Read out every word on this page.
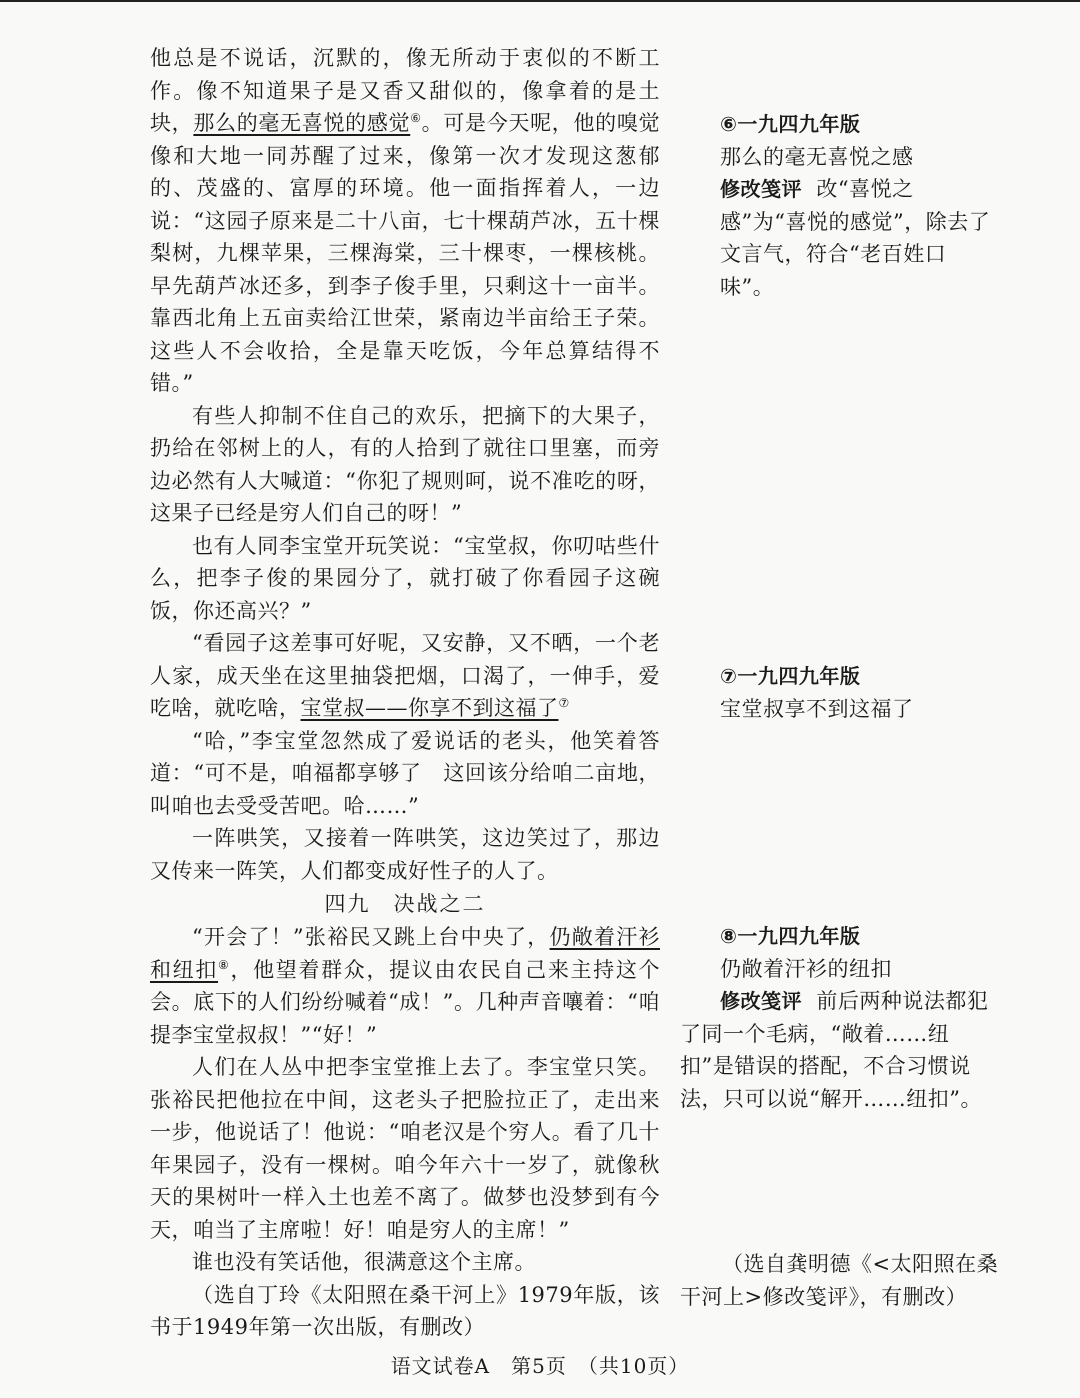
他总是不说话，沉默的，像无所动于衷似的不断工作。像不知道果子是又香又甜似的，像拿着的是土块，那么的毫无喜悦的感觉⑥。可是今天呢，他的嗅觉像和大地一同苏醒了过来，像第一次才发现这葱郁的、茂盛的、富厚的环境。他一面指挥着人，一边说：“这园子原来是二十八亩，七十棵葫芦冰，五十棵梨树，九棵苹果，三棵海棠，三十棵枣，一棵核桃。早先葫芦冰还多，到李子俊手里，只剩这十一亩半。靠西北角上五亩卖给江世荣，紧南边半亩给王子荣。这些人不会收拾，全是靠天吃饭，今年总算结得不错。”

有些人抑制不住自己的欢乐，把摘下的大果子，扔给在邻树上的人，有的人拾到了就往口里塞，而旁边必然有人大喊道：“你犯了规则呵，说不准吃的呀，这果子已经是穷人们自己的呀！”

也有人同李宝堂开玩笑说：“宝堂叔，你叨咕些什么，把李子俊的果园分了，就打破了你看园子这碗饭，你还高兴？”

“看园子这差事可好呢，又安静，又不晒，一个老人家，成天坐在这里抽袋把烟，口渴了，一伸手，爱吃啥，就吃啥，宝堂叔——你享不到这福了⑦

“哈，”李宝堂忽然成了爱说话的老头，他笑着答道：“可不是，咱福都享够了　这回该分给咱二亩地，叫咱也去受受苦吧。哈……”

一阵哄笑，又接着一阵哄笑，这边笑过了，那边又传来一阵笑，人们都变成好性子的人了。

四九　决战之二

“开会了！”张裕民又跳上台中央了，仍敞着汗衫和纽扣⑧，他望着群众，提议由农民自己来主持这个会。底下的人们纷纷喊着“成！”。几种声音嚷着：“咱提李宝堂叔叔！”“好！”

人们在人丛中把李宝堂推上去了。李宝堂只笑。张裕民把他拉在中间，这老头子把脸拉正了，走出来一步，他说话了！他说：“咱老汉是个穷人。看了几十年果园子，没有一棵树。咱今年六十一岁了，就像秋天的果树叶一样入土也差不离了。做梦也没梦到有今天，咱当了主席啦！好！咱是穷人的主席！”

谁也没有笑话他，很满意这个主席。

（选自丁玲《太阳照在桑干河上》1979年版，该书于1949年第一次出版，有删改）

⑥一九四九年版

那么的毫无喜悦之感

修改笺评 改“喜悦之感”为“喜悦的感觉”，除去了文言气，符合“老百姓口味”。

⑦一九四九年版

宝堂叔享不到这福了

⑧一九四九年版

仍敞着汗衫的纽扣

修改笺评 前后两种说法都犯了同一个毛病，“敞着……纽扣”是错误的搭配，不合习惯说法，只可以说“解开……纽扣”。

（选自龚明德《<太阳照在桑干河上>修改笺评》，有删改）

语文试卷A　第5页　（共10页）
